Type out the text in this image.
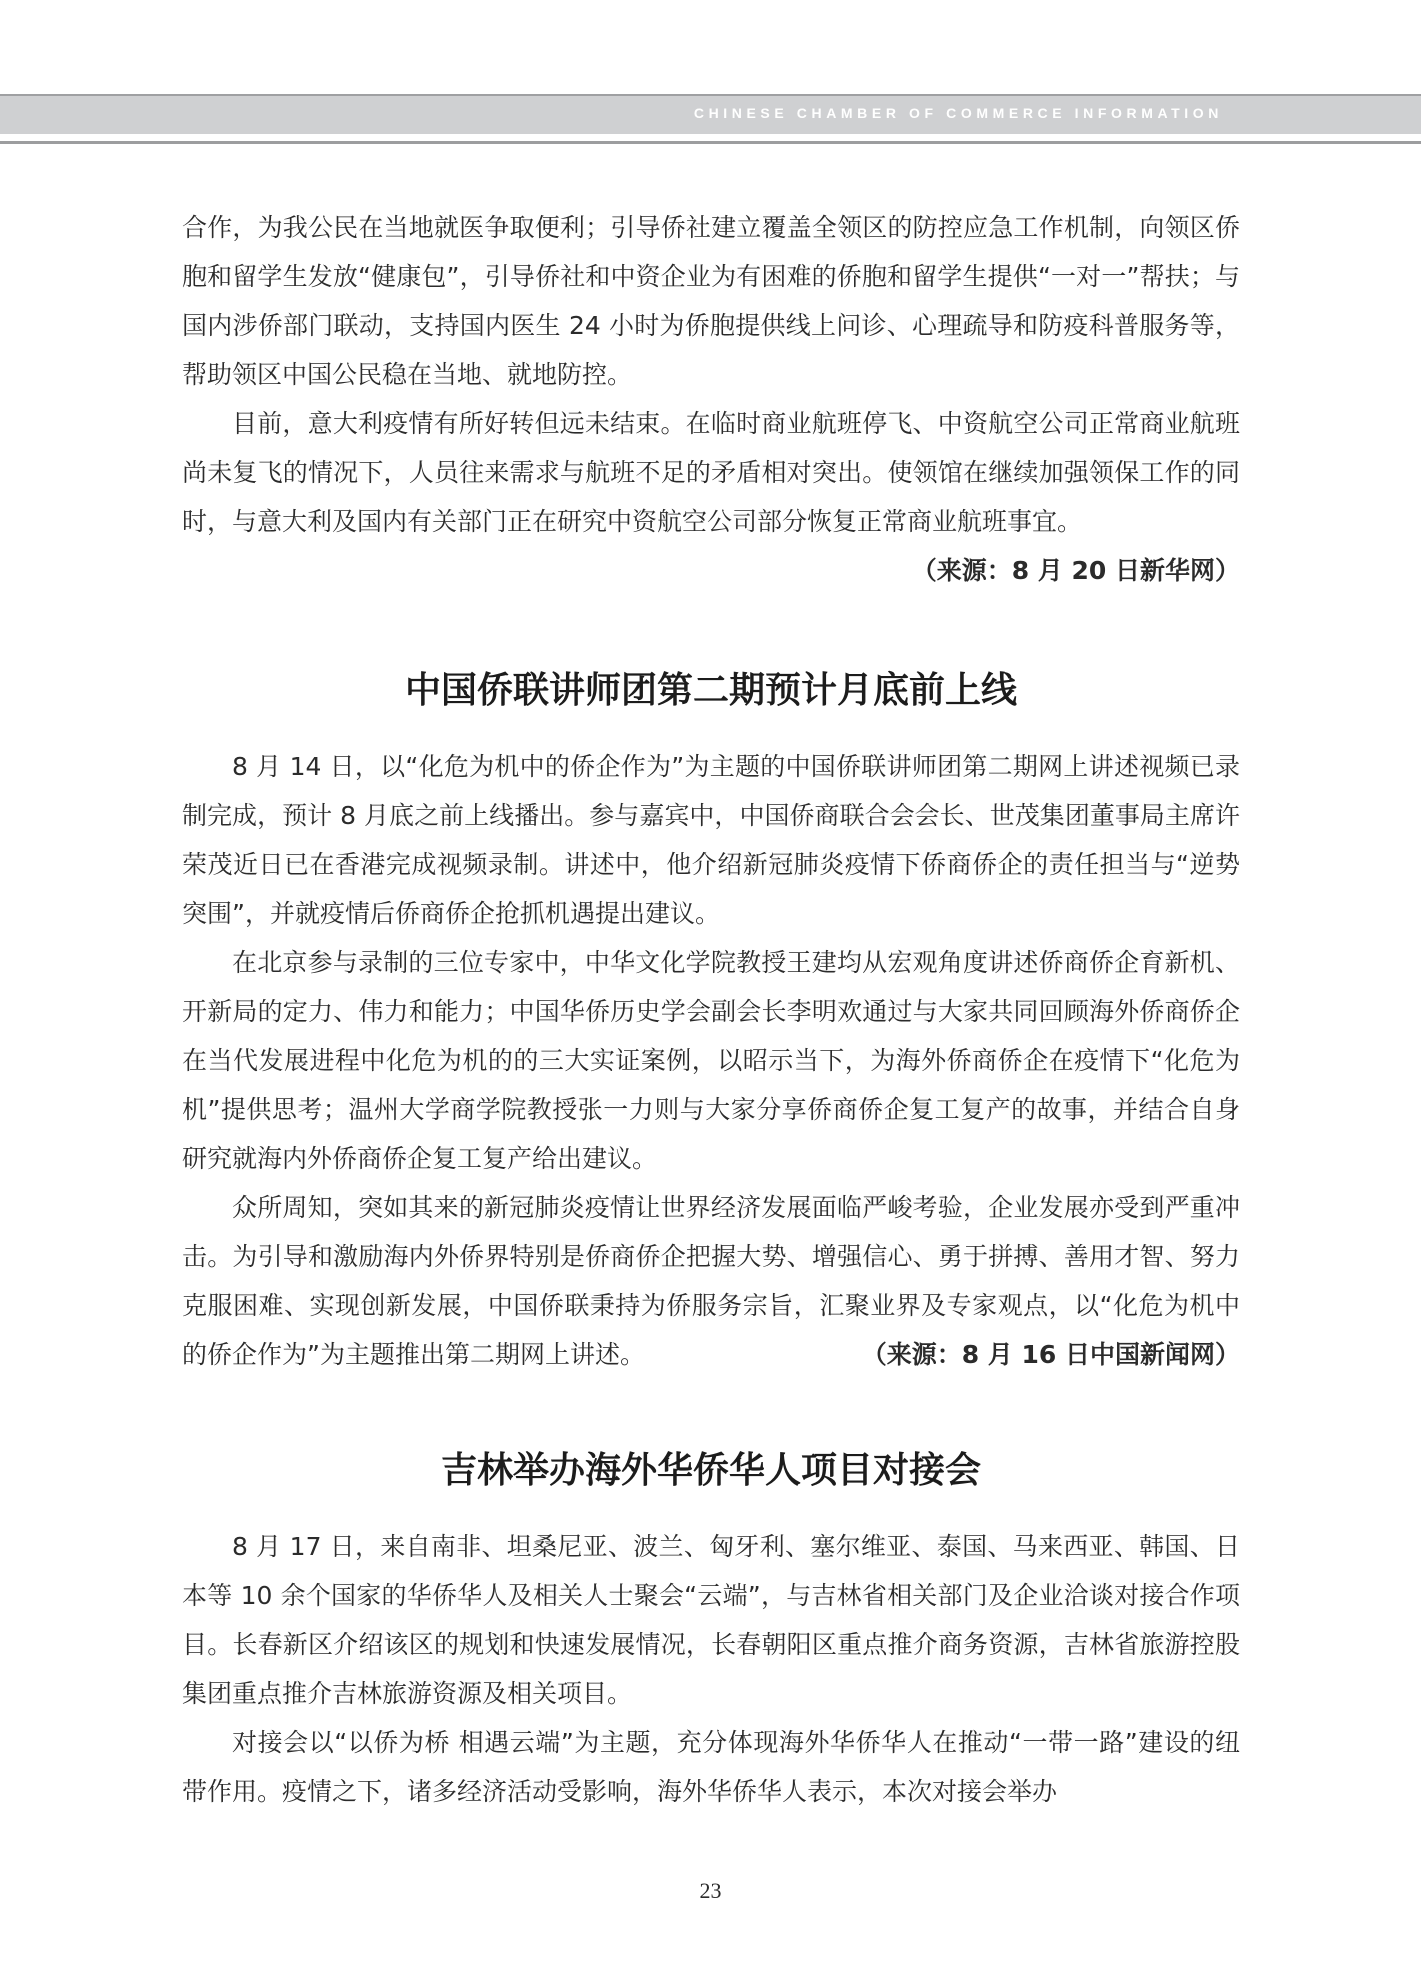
CHINESE CHAMBER OF COMMERCE INFORMATION

合作，为我公民在当地就医争取便利；引导侨社建立覆盖全领区的防控应急工作机制，向领区侨胞和留学生发放“健康包”，引导侨社和中资企业为有困难的侨胞和留学生提供“一对一”帮扶；与国内涉侨部门联动，支持国内医生 24 小时为侨胞提供线上问诊、心理疏导和防疫科普服务等，帮助领区中国公民稳在当地、就地防控。

目前，意大利疫情有所好转但远未结束。在临时商业航班停飞、中资航空公司正常商业航班尚未复飞的情况下，人员往来需求与航班不足的矛盾相对突出。使领馆在继续加强领保工作的同时，与意大利及国内有关部门正在研究中资航空公司部分恢复正常商业航班事宜。
（来源：8 月 20 日新华网）

中国侨联讲师团第二期预计月底前上线

8 月 14 日，以“化危为机中的侨企作为”为主题的中国侨联讲师团第二期网上讲述视频已录制完成，预计 8 月底之前上线播出。参与嘉宾中，中国侨商联合会会长、世茂集团董事局主席许荣茂近日已在香港完成视频录制。讲述中，他介绍新冠肺炎疫情下侨商侨企的责任担当与“逆势突围”，并就疫情后侨商侨企抢抓机遇提出建议。

在北京参与录制的三位专家中，中华文化学院教授王建均从宏观角度讲述侨商侨企育新机、开新局的定力、伟力和能力；中国华侨历史学会副会长李明欢通过与大家共同回顾海外侨商侨企在当代发展进程中化危为机的的三大实证案例，以昭示当下，为海外侨商侨企在疫情下“化危为机”提供思考；温州大学商学院教授张一力则与大家分享侨商侨企复工复产的故事，并结合自身研究就海内外侨商侨企复工复产给出建议。

众所周知，突如其来的新冠肺炎疫情让世界经济发展面临严峻考验，企业发展亦受到严重冲击。为引导和激励海内外侨界特别是侨商侨企把握大势、增强信心、勇于拼搏、善用才智、努力克服困难、实现创新发展，中国侨联秉持为侨服务宗旨，汇聚业界及专家观点，以“化危为机中的侨企作为”为主题推出第二期网上讲述。	（来源：8 月 16 日中国新闻网）

吉林举办海外华侨华人项目对接会

8 月 17 日，来自南非、坦桑尼亚、波兰、匈牙利、塞尔维亚、泰国、马来西亚、韩国、日本等 10 余个国家的华侨华人及相关人士聚会“云端”，与吉林省相关部门及企业洽谈对接合作项目。长春新区介绍该区的规划和快速发展情况，长春朝阳区重点推介商务资源，吉林省旅游控股集团重点推介吉林旅游资源及相关项目。

对接会以“以侨为桥 相遇云端”为主题，充分体现海外华侨华人在推动“一带一路”建设的纽带作用。疫情之下，诸多经济活动受影响，海外华侨华人表示，本次对接会举办

23
